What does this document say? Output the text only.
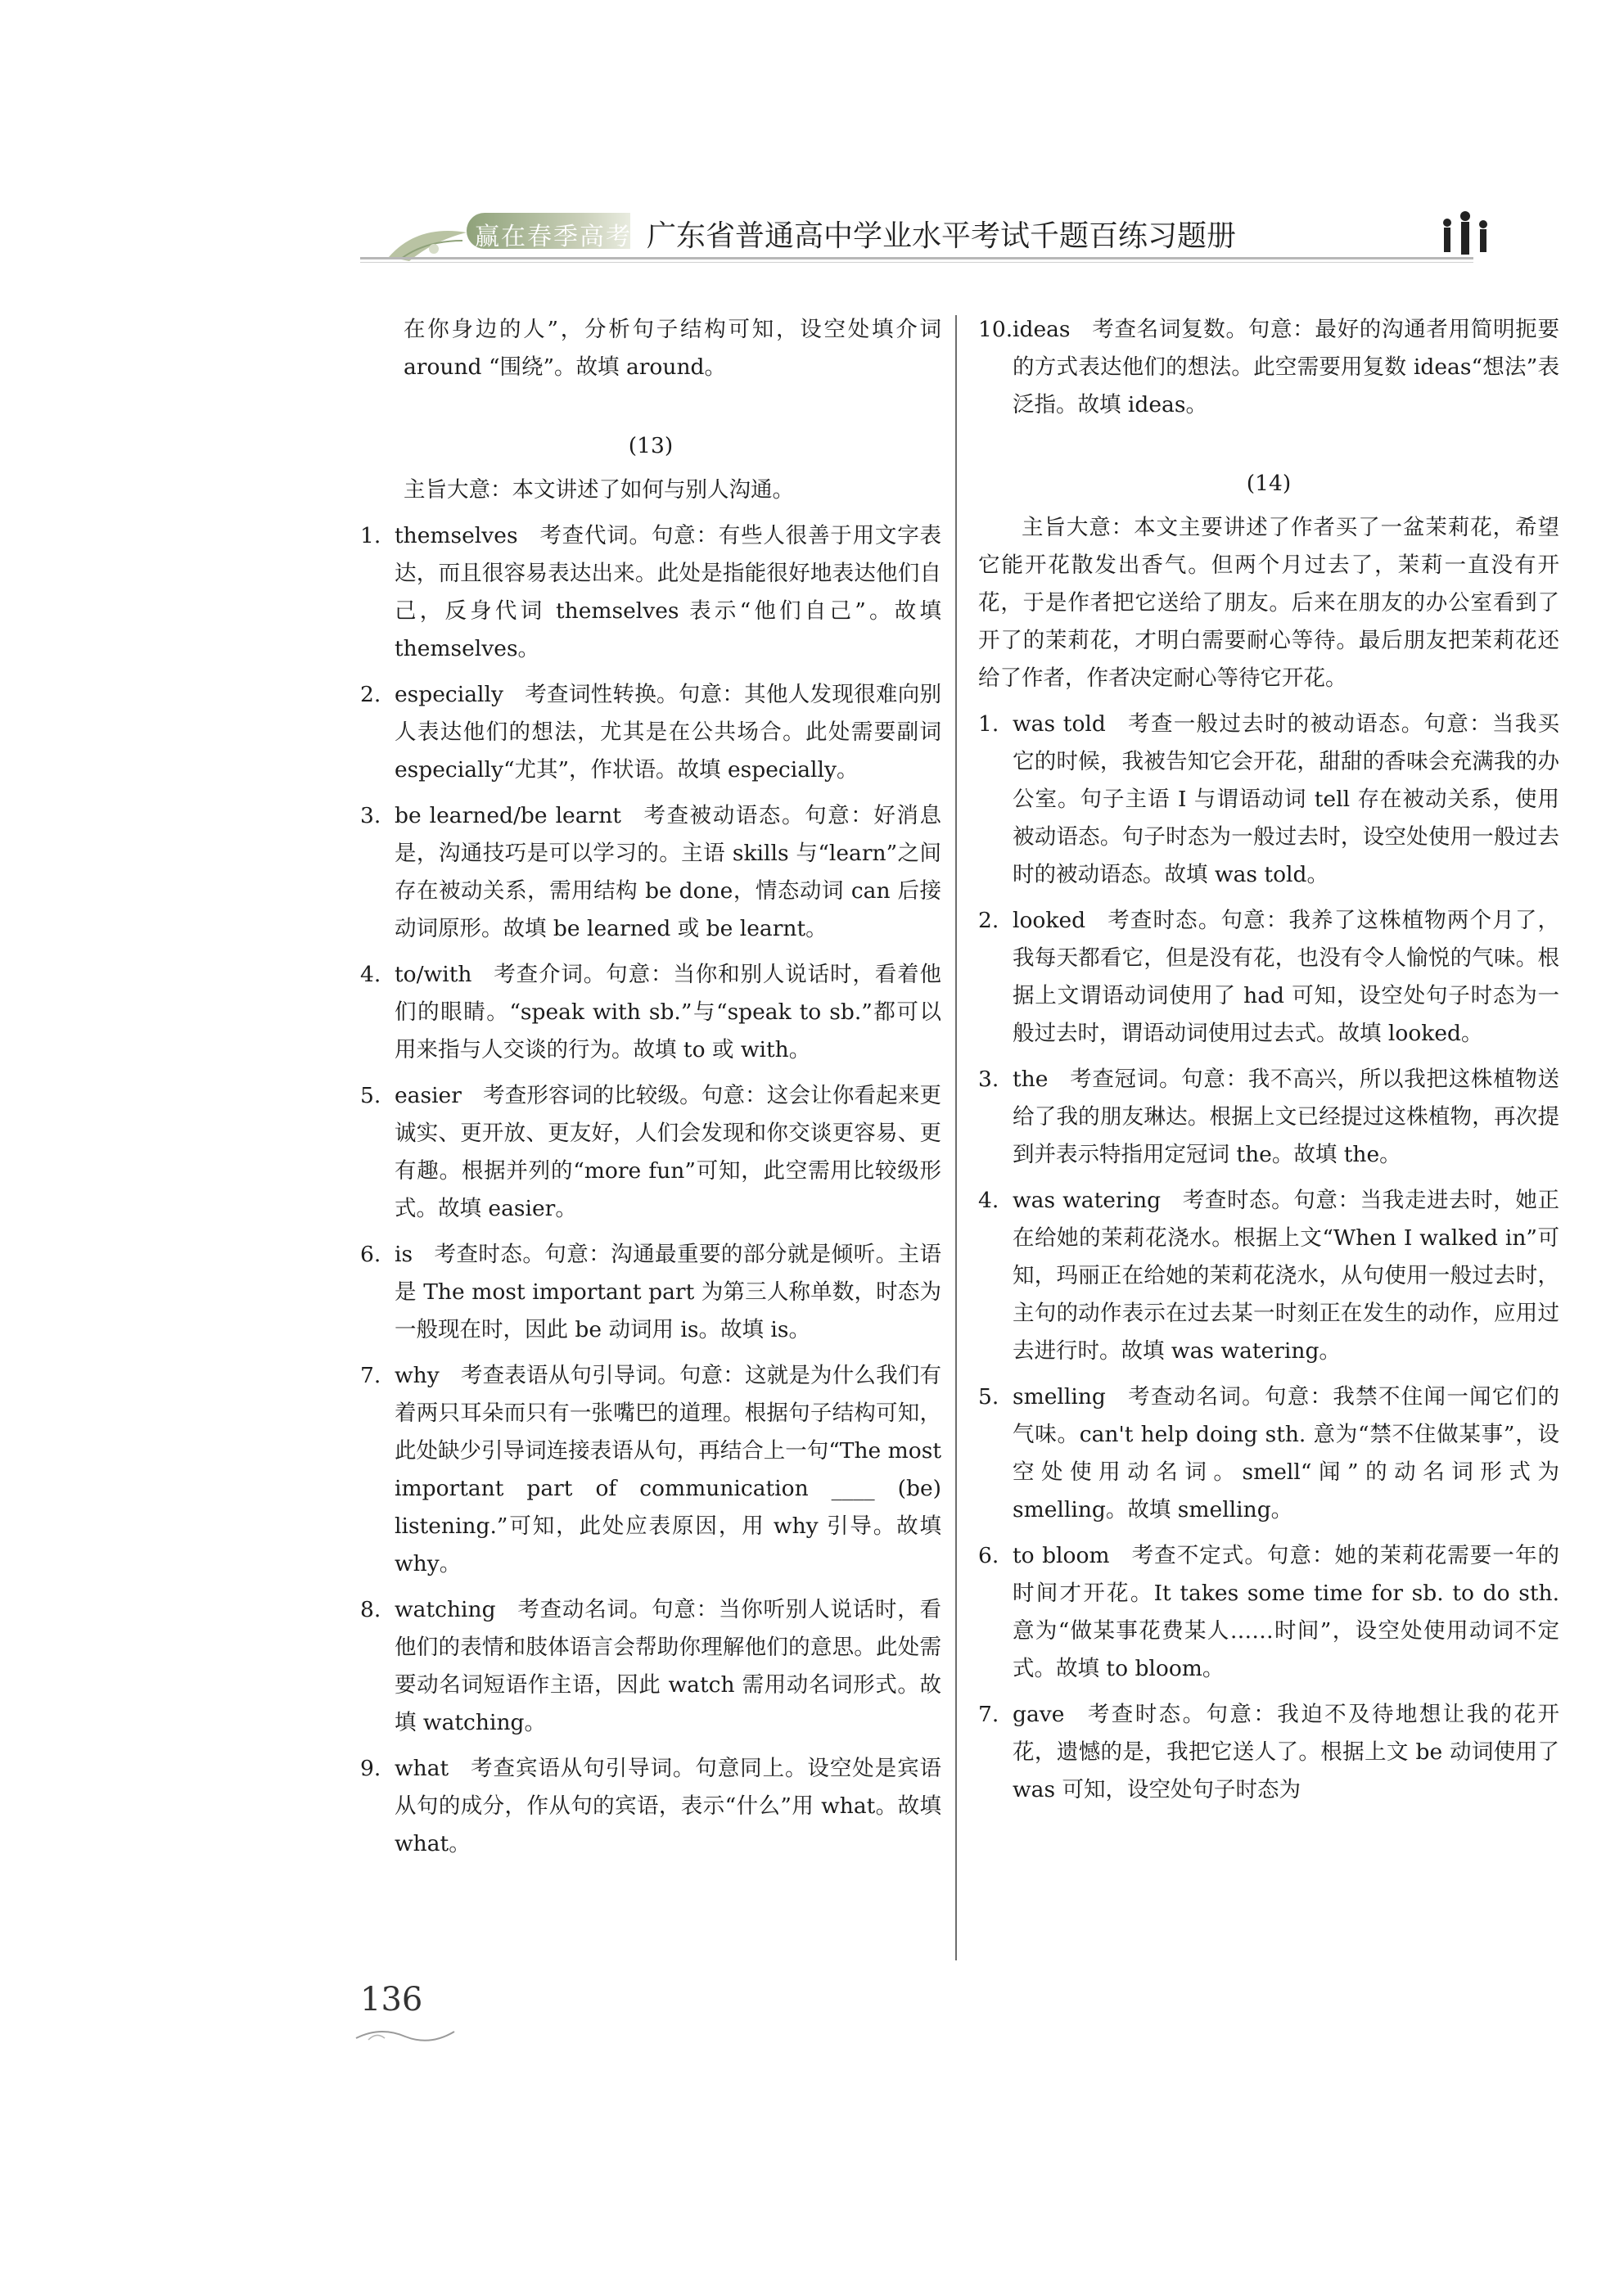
赢在春季高考 广东省普通高中学业水平考试千题百练习题册

在你身边的人”，分析句子结构可知，设空处填介词 around “围绕”。故填 around。

(13)

主旨大意：本文讲述了如何与别人沟通。

1. themselves 考查代词。句意：有些人很善于用文字表达，而且很容易表达出来。此处是指能很好地表达他们自己，反身代词 themselves 表示“他们自己”。故填 themselves。
2. especially 考查词性转换。句意：其他人发现很难向别人表达他们的想法，尤其是在公共场合。此处需要副词 especially“尤其”，作状语。故填 especially。
3. be learned/be learnt 考查被动语态。句意：好消息是，沟通技巧是可以学习的。主语 skills 与“learn”之间存在被动关系，需用结构 be done，情态动词 can 后接动词原形。故填 be learned 或 be learnt。
4. to/with 考查介词。句意：当你和别人说话时，看着他们的眼睛。“speak with sb.”与“speak to sb.”都可以用来指与人交谈的行为。故填 to 或 with。
5. easier 考查形容词的比较级。句意：这会让你看起来更诚实、更开放、更友好，人们会发现和你交谈更容易、更有趣。根据并列的“more fun”可知，此空需用比较级形式。故填 easier。
6. is 考查时态。句意：沟通最重要的部分就是倾听。主语是 The most important part 为第三人称单数，时态为一般现在时，因此 be 动词用 is。故填 is。
7. why 考查表语从句引导词。句意：这就是为什么我们有着两只耳朵而只有一张嘴巴的道理。根据句子结构可知，此处缺少引导词连接表语从句，再结合上一句“The most important part of communication ____ (be) listening.”可知，此处应表原因，用 why 引导。故填 why。
8. watching 考查动名词。句意：当你听别人说话时，看他们的表情和肢体语言会帮助你理解他们的意思。此处需要动名词短语作主语，因此 watch 需用动名词形式。故填 watching。
9. what 考查宾语从句引导词。句意同上。设空处是宾语从句的成分，作从句的宾语，表示“什么”用 what。故填 what。
10. ideas 考查名词复数。句意：最好的沟通者用简明扼要的方式表达他们的想法。此空需要用复数 ideas“想法”表泛指。故填 ideas。
(14)

主旨大意：本文主要讲述了作者买了一盆茉莉花，希望它能开花散发出香气。但两个月过去了，茉莉一直没有开花，于是作者把它送给了朋友。后来在朋友的办公室看到了开了的茉莉花，才明白需要耐心等待。最后朋友把茉莉花还给了作者，作者决定耐心等待它开花。

1. was told 考查一般过去时的被动语态。句意：当我买它的时候，我被告知它会开花，甜甜的香味会充满我的办公室。句子主语 I 与谓语动词 tell 存在被动关系，使用被动语态。句子时态为一般过去时，设空处使用一般过去时的被动语态。故填 was told。
2. looked 考查时态。句意：我养了这株植物两个月了，我每天都看它，但是没有花，也没有令人愉悦的气味。根据上文谓语动词使用了 had 可知，设空处句子时态为一般过去时，谓语动词使用过去式。故填 looked。
3. the 考查冠词。句意：我不高兴，所以我把这株植物送给了我的朋友琳达。根据上文已经提过这株植物，再次提到并表示特指用定冠词 the。故填 the。
4. was watering 考查时态。句意：当我走进去时，她正在给她的茉莉花浇水。根据上文“When I walked in”可知，玛丽正在给她的茉莉花浇水，从句使用一般过去时，主句的动作表示在过去某一时刻正在发生的动作，应用过去进行时。故填 was watering。
5. smelling 考查动名词。句意：我禁不住闻一闻它们的气味。can't help doing sth. 意为“禁不住做某事”，设空处使用动名词。smell“闻”的动名词形式为 smelling。故填 smelling。
6. to bloom 考查不定式。句意：她的茉莉花需要一年的时间才开花。It takes some time for sb. to do sth. 意为“做某事花费某人……时间”，设空处使用动词不定式。故填 to bloom。
7. gave 考查时态。句意：我迫不及待地想让我的花开花，遗憾的是，我把它送人了。根据上文 be 动词使用了 was 可知，设空处句子时态为
136
